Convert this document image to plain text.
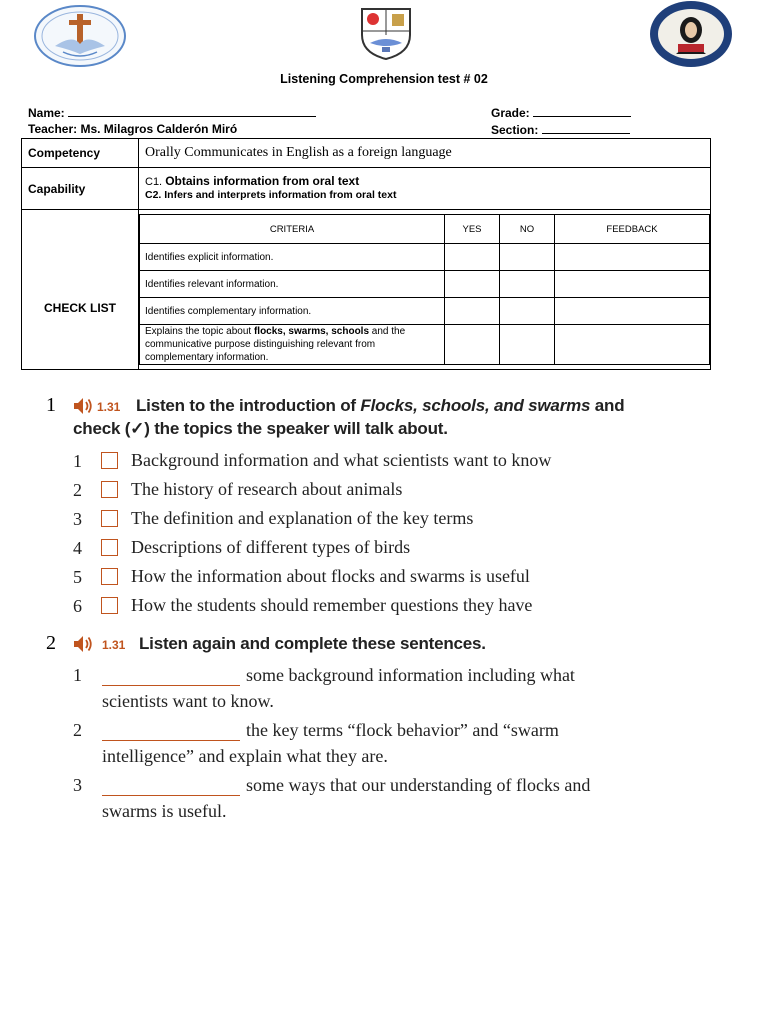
Listening Comprehension test # 02
Name:
Teacher: Ms. Milagros Calderón Miró
Grade:
Section:
Competency	Orally Communicates in English as a foreign language
Capability	C1. Obtains information from oral text
C2. Infers and interprets information from oral text

CHECK LIST	
CRITERIA	YES	NO	FEEDBACK
Identifies explicit information.			
Identifies relevant information.			
Identifies complementary information.			
Explains the topic about flocks, swarms, schools and the communicative purpose distinguishing relevant from complementary information.			
1	1.31 Listen to the introduction of Flocks, schools, and swarms and
check (✓) the topics the speaker will talk about.
1	Background information and what scientists want to know
2	The history of research about animals
3	The definition and explanation of the key terms
4	Descriptions of different types of birds
5	How the information about flocks and swarms is useful
6	How the students should remember questions they have
2	1.31 Listen again and complete these sentences.
1	some background information including what
scientists want to know.
2	the key terms “flock behavior” and “swarm
intelligence” and explain what they are.
3	some ways that our understanding of flocks and
swarms is useful.
